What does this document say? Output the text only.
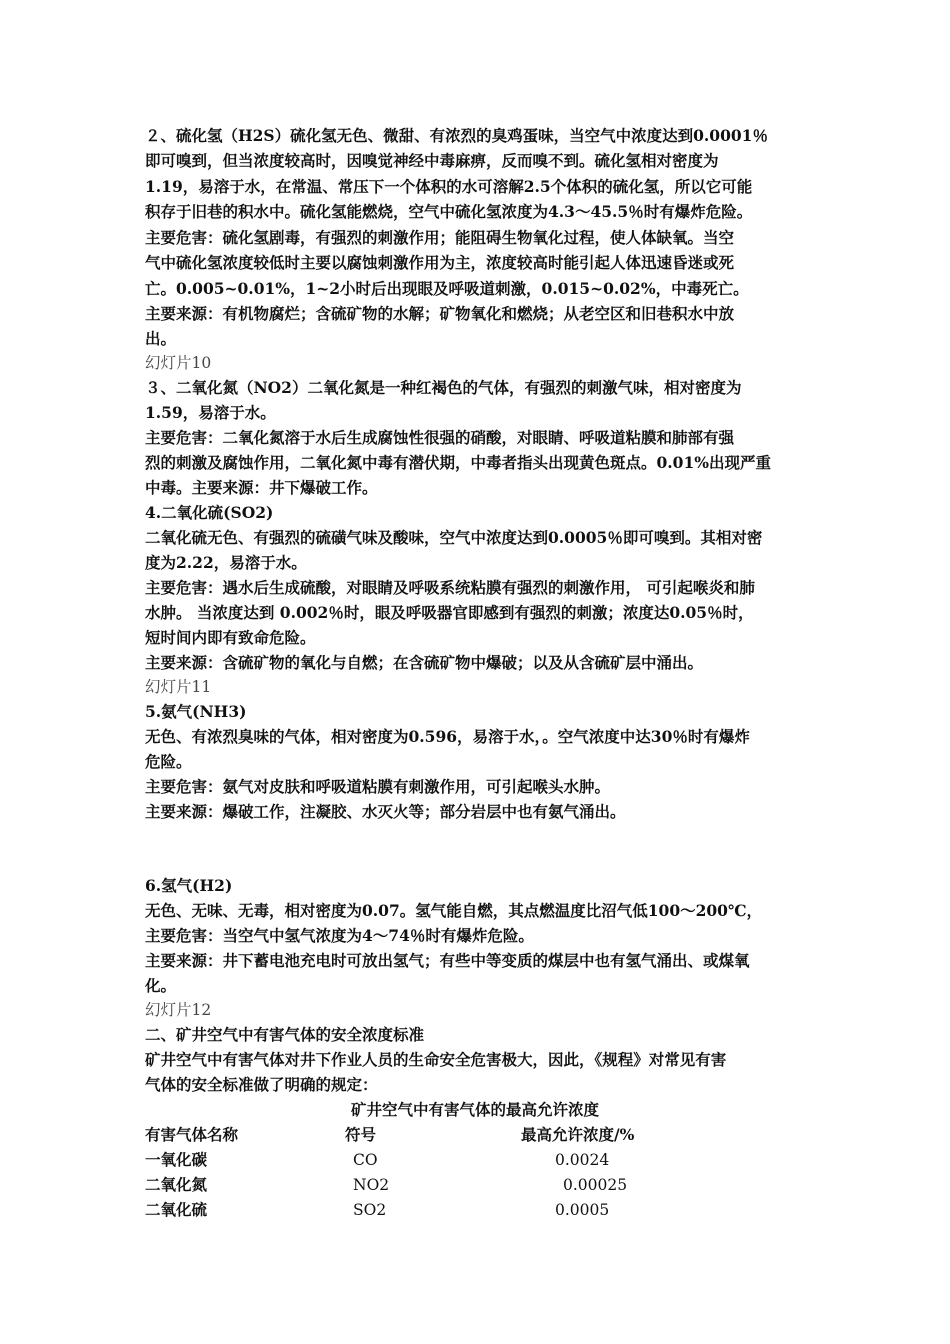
２、硫化氢（H2S）硫化氢无色、微甜、有浓烈的臭鸡蛋味，当空气中浓度达到0.0001％
即可嗅到，但当浓度较高时，因嗅觉神经中毒麻痹，反而嗅不到。硫化氢相对密度为
1.19，易溶于水，在常温、常压下一个体积的水可溶解2.5个体积的硫化氢，所以它可能
积存于旧巷的积水中。硫化氢能燃烧，空气中硫化氢浓度为4.3～45.5％时有爆炸危险。
主要危害：硫化氢剧毒，有强烈的刺激作用；能阻碍生物氧化过程，使人体缺氧。当空
气中硫化氢浓度较低时主要以腐蚀刺激作用为主，浓度较高时能引起人体迅速昏迷或死
亡。0.005~0.01%，1~2小时后出现眼及呼吸道刺激，0.015~0.02%，中毒死亡。
主要来源：有机物腐烂；含硫矿物的水解；矿物氧化和燃烧；从老空区和旧巷积水中放
出。
幻灯片10
３、二氧化氮（NO2）二氧化氮是一种红褐色的气体，有强烈的刺激气味，相对密度为
1.59，易溶于水。
主要危害：二氧化氮溶于水后生成腐蚀性很强的硝酸，对眼睛、呼吸道粘膜和肺部有强
烈的刺激及腐蚀作用，二氧化氮中毒有潜伏期，中毒者指头出现黄色斑点。0.01%出现严重
中毒。主要来源：井下爆破工作。
4.二氧化硫(SO2)
二氧化硫无色、有强烈的硫磺气味及酸味，空气中浓度达到0.0005％即可嗅到。其相对密
度为2.22，易溶于水。
主要危害：遇水后生成硫酸，对眼睛及呼吸系统粘膜有强烈的刺激作用， 可引起喉炎和肺
水肿。 当浓度达到 0.002％时，眼及呼吸器官即感到有强烈的刺激；浓度达0.05％时，
短时间内即有致命危险。
主要来源：含硫矿物的氧化与自燃；在含硫矿物中爆破；以及从含硫矿层中涌出。
幻灯片11
5.氨气(NH3)
无色、有浓烈臭味的气体，相对密度为0.596，易溶于水，。空气浓度中达30％时有爆炸
危险。
主要危害：氨气对皮肤和呼吸道粘膜有刺激作用，可引起喉头水肿。
主要来源：爆破工作，注凝胶、水灭火等；部分岩层中也有氨气涌出。
6.氢气(H2)
无色、无味、无毒，相对密度为0.07。氢气能自燃，其点燃温度比沼气低100～200℃，
主要危害：当空气中氢气浓度为4～74％时有爆炸危险。
主要来源：井下蓄电池充电时可放出氢气；有些中等变质的煤层中也有氢气涌出、或煤氧
化。
幻灯片12
二、矿井空气中有害气体的安全浓度标准
矿井空气中有害气体对井下作业人员的生命安全危害极大，因此，《规程》对常见有害
气体的安全标准做了明确的规定：
矿井空气中有害气体的最高允许浓度
有害气体名称	符号	最高允许浓度/%
一氧化碳	CO	0.0024
二氧化氮	NO2	0.00025
二氧化硫	SO2	0.0005
